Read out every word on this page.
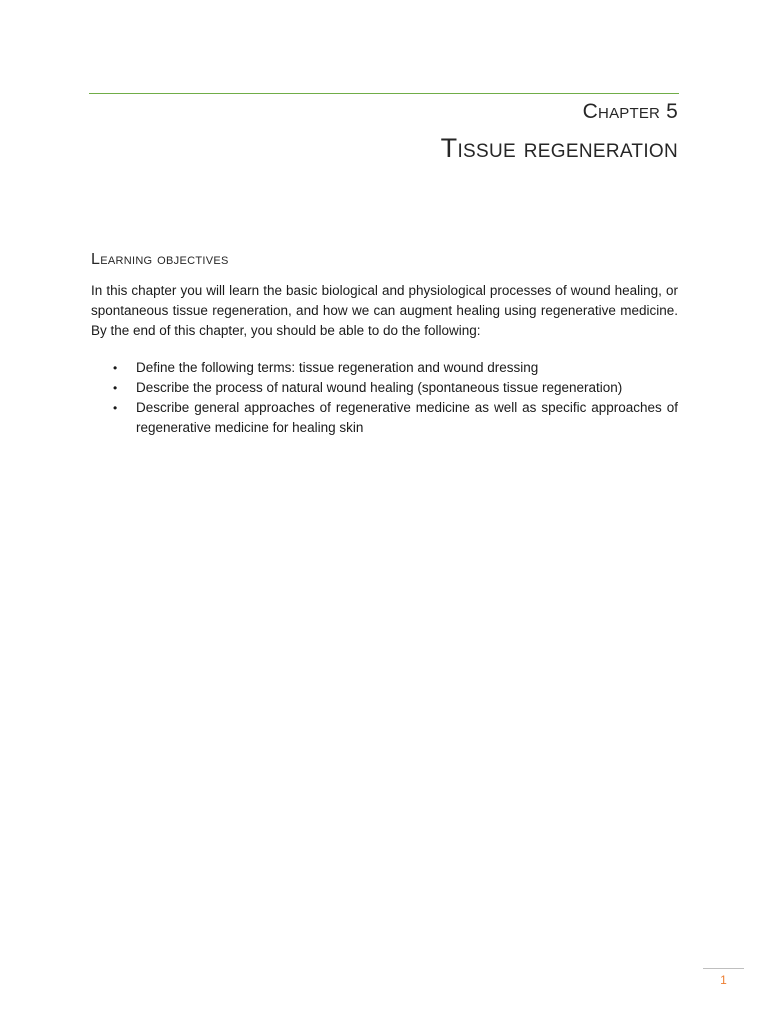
Chapter 5
Tissue regeneration
Learning objectives

In this chapter you will learn the basic biological and physiological processes of wound healing, or spontaneous tissue regeneration, and how we can augment healing using regenerative medicine. By the end of this chapter, you should be able to do the following:

• Define the following terms: tissue regeneration and wound dressing
• Describe the process of natural wound healing (spontaneous tissue regeneration)
• Describe general approaches of regenerative medicine as well as specific approaches of regenerative medicine for healing skin
1
